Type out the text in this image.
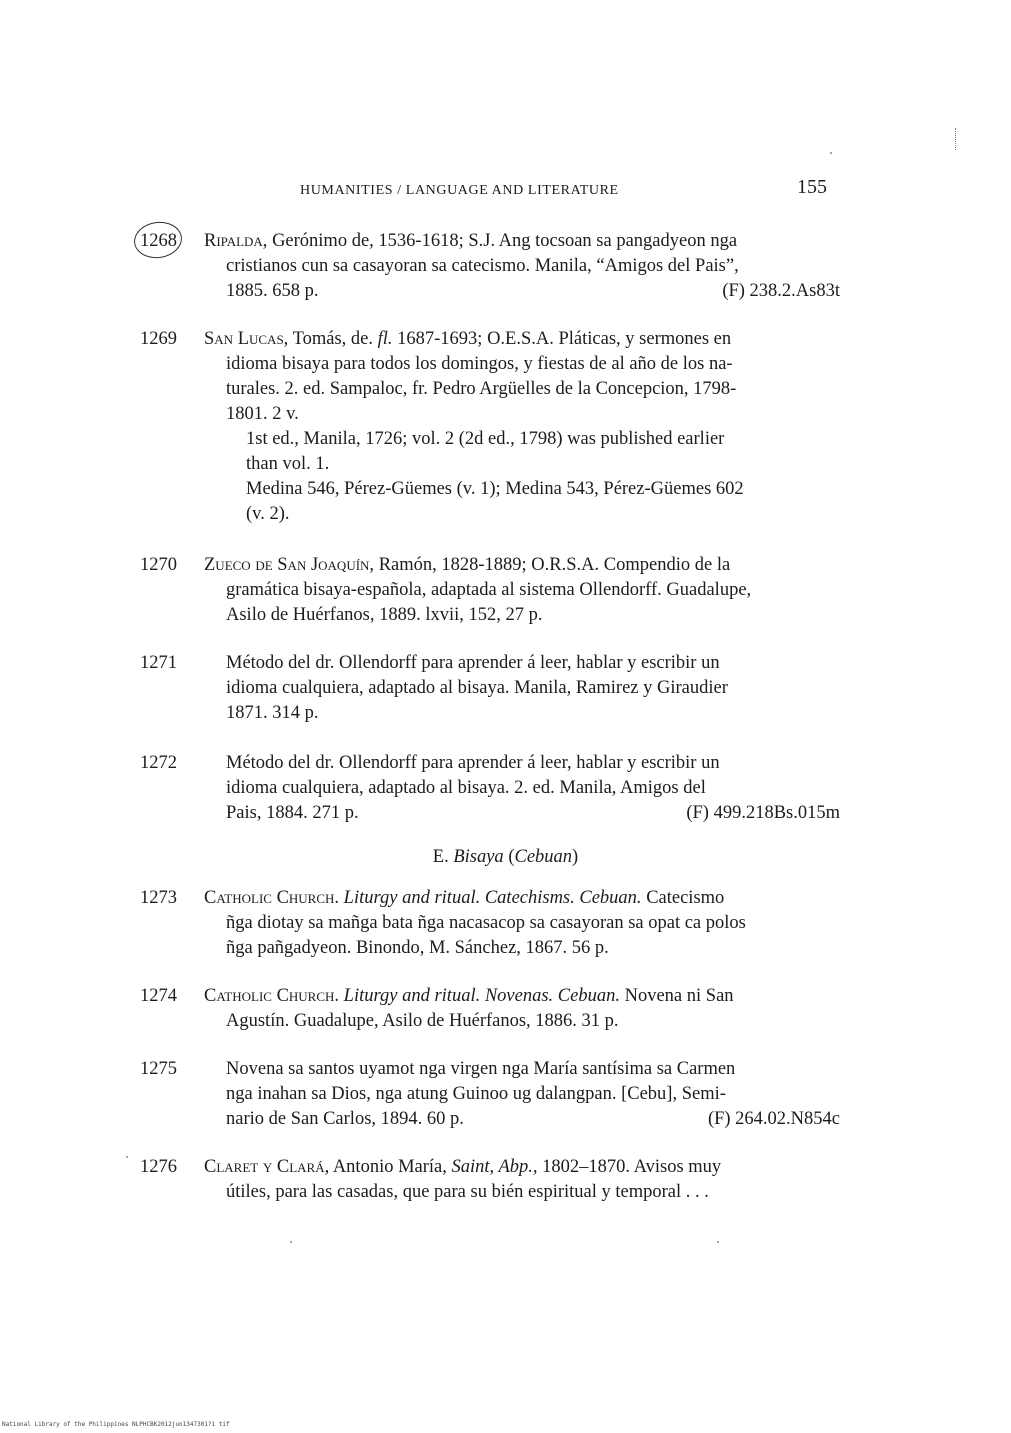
HUMANITIES / LANGUAGE AND LITERATURE	155
1268 Ripalda, Gerónimo de, 1536-1618; S.J. Ang tocsoan sa pangadyeon nga
cristianos cun sa casayoran sa catecismo. Manila, “Amigos del Pais”,
1885. 658 p.	(F) 238.2.As83t
1269 San Lucas, Tomás, de. fl. 1687-1693; O.E.S.A. Pláticas, y sermones en
idioma bisaya para todos los domingos, y fiestas de al año de los na-
turales. 2. ed. Sampaloc, fr. Pedro Argüelles de la Concepcion, 1798-
1801. 2 v.
1st ed., Manila, 1726; vol. 2 (2d ed., 1798) was published earlier
than vol. 1.
Medina 546, Pérez-Güemes (v. 1); Medina 543, Pérez-Güemes 602
(v. 2).
1270 Zueco de San Joaquín, Ramón, 1828-1889; O.R.S.A. Compendio de la
gramática bisaya-española, adaptada al sistema Ollendorff. Guadalupe,
Asilo de Huérfanos, 1889. lxvii, 152, 27 p.
1271	Método del dr. Ollendorff para aprender á leer, hablar y escribir un
idioma cualquiera, adaptado al bisaya. Manila, Ramirez y Giraudier
1871. 314 p.
1272	Método del dr. Ollendorff para aprender á leer, hablar y escribir un
idioma cualquiera, adaptado al bisaya. 2. ed. Manila, Amigos del
Pais, 1884. 271 p.	(F) 499.218Bs.015m
E. Bisaya (Cebuan)
1273 Catholic Church. Liturgy and ritual. Catechisms. Cebuan. Catecismo
ñga diotay sa mañga bata ñga nacasacop sa casayoran sa opat ca polos
ñga pañgadyeon. Binondo, M. Sánchez, 1867. 56 p.
1274 Catholic Church. Liturgy and ritual. Novenas. Cebuan. Novena ni San
Agustín. Guadalupe, Asilo de Huérfanos, 1886. 31 p.
1275	Novena sa santos uyamot nga virgen nga María santísima sa Carmen
nga inahan sa Dios, nga atung Guinoo ug dalangpan. [Cebu], Semi-
nario de San Carlos, 1894. 60 p.	(F) 264.02.N854c
1276 Claret y Clará, Antonio María, Saint, Abp., 1802–1870. Avisos muy
útiles, para las casadas, que para su bién espiritual y temporal . . .
National Library of the Philippines NLPHCBK2012jun1347301?1 tif
